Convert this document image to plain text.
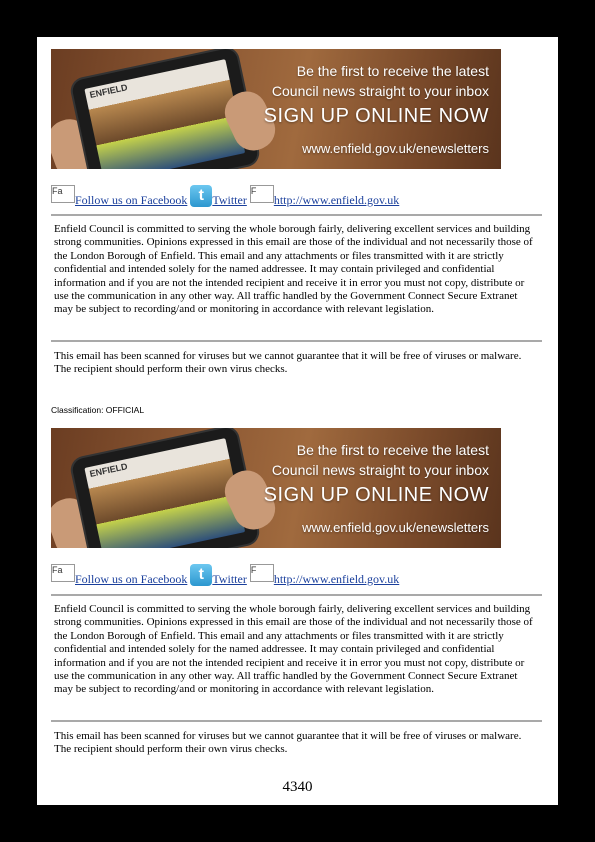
ENFIELD
Be the first to receive the latest
Council news straight to your inbox
SIGN UP ONLINE NOW
www.enfield.gov.uk/enewsletters
FaFollow us on Facebook t Twitter Fhttp://www.enfield.gov.uk
Enfield Council is committed to serving the whole borough fairly, delivering excellent services and building strong communities. Opinions expressed in this email are those of the individual and not necessarily those of the London Borough of Enfield. This email and any attachments or files transmitted with it are strictly confidential and intended solely for the named addressee. It may contain privileged and confidential information and if you are not the intended recipient and receive it in error you must not copy, distribute or use the communication in any other way. All traffic handled by the Government Connect Secure Extranet may be subject to recording/and or monitoring in accordance with relevant legislation.
This email has been scanned for viruses but we cannot guarantee that it will be free of viruses or malware. The recipient should perform their own virus checks.
Classification: OFFICIAL
ENFIELD
Be the first to receive the latest
Council news straight to your inbox
SIGN UP ONLINE NOW
www.enfield.gov.uk/enewsletters
FaFollow us on Facebook t Twitter Fhttp://www.enfield.gov.uk
Enfield Council is committed to serving the whole borough fairly, delivering excellent services and building strong communities. Opinions expressed in this email are those of the individual and not necessarily those of the London Borough of Enfield. This email and any attachments or files transmitted with it are strictly confidential and intended solely for the named addressee. It may contain privileged and confidential information and if you are not the intended recipient and receive it in error you must not copy, distribute or use the communication in any other way. All traffic handled by the Government Connect Secure Extranet may be subject to recording/and or monitoring in accordance with relevant legislation.
This email has been scanned for viruses but we cannot guarantee that it will be free of viruses or malware. The recipient should perform their own virus checks.
4340
